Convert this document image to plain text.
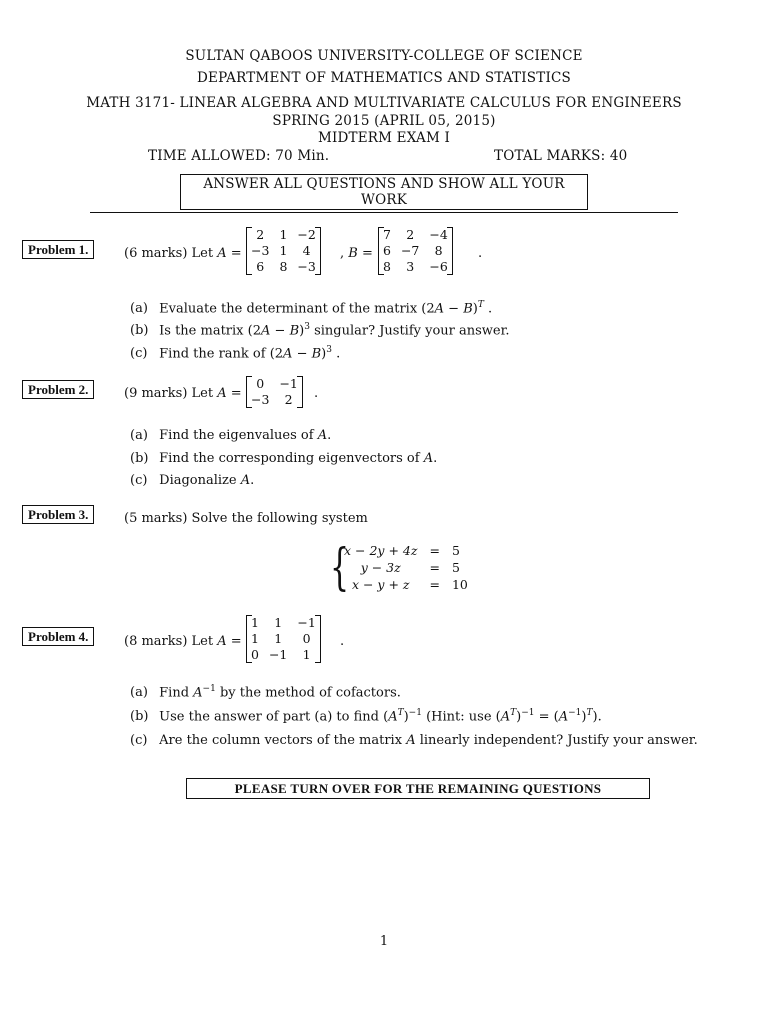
SULTAN QABOOS UNIVERSITY-COLLEGE OF SCIENCE
DEPARTMENT OF MATHEMATICS AND STATISTICS
MATH 3171- LINEAR ALGEBRA AND MULTIVARIATE CALCULUS FOR ENGINEERS
SPRING 2015 (APRIL 05, 2015)
MIDTERM EXAM I
TIME ALLOWED: 70 Min.	TOTAL MARKS: 40
ANSWER ALL QUESTIONS AND SHOW ALL YOUR WORK
Problem 1.	(6 marks) Let A =
2	1	−2
−3	1	4
6	8	−3
, B =
7	2	−4
6	−7	8
8	3	−6
.
(a) Evaluate the determinant of the matrix $(2A - B)^T$ .
(b) Is the matrix $(2A - B)^3$ singular? Justify your answer.
(c) Find the rank of $(2A - B)^3$ .
Problem 2.	(9 marks) Let A =
0	−1
−3	2 .
(a) Find the eigenvalues of A.
(b) Find the corresponding eigenvectors of A.
(c) Diagonalize A.
Problem 3.	(5 marks) Solve the following system
{
x − 2y + 4z	=	5
y − 3z	=	5
x − y + z	=	10
Problem 4.	(8 marks) Let A =
1	1	−1
1	1	0
0	−1	1
.
(a) Find $A^{-1}$ by the method of cofactors.
(b) Use the answer of part (a) to find $(A^T)^{-1}$ (Hint: use $(A^T)^{-1} = (A^{-1})^T$).
(c) Are the column vectors of the matrix A linearly independent? Justify your answer.
PLEASE TURN OVER FOR THE REMAINING QUESTIONS
1
